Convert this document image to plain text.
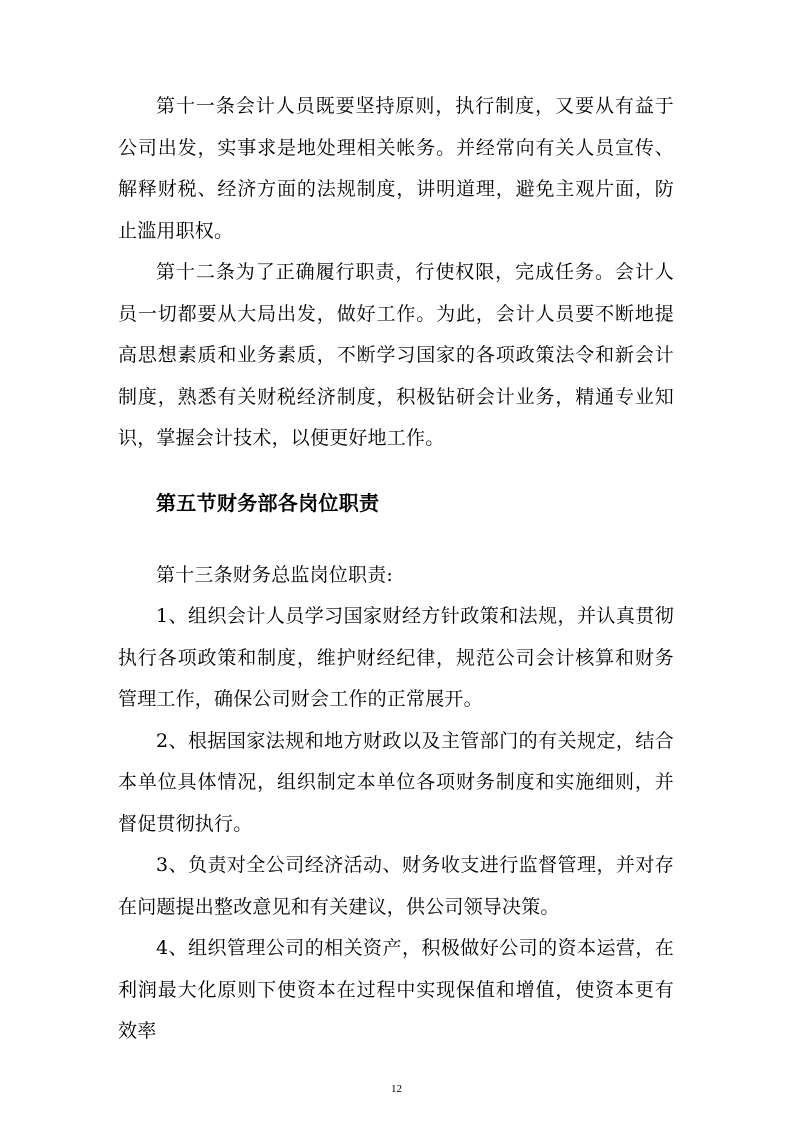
第十一条会计人员既要坚持原则，执行制度，又要从有益于公司出发，实事求是地处理相关帐务。并经常向有关人员宣传、解释财税、经济方面的法规制度，讲明道理，避免主观片面，防止滥用职权。

第十二条为了正确履行职责，行使权限，完成任务。会计人员一切都要从大局出发，做好工作。为此，会计人员要不断地提高思想素质和业务素质，不断学习国家的各项政策法令和新会计制度，熟悉有关财税经济制度，积极钻研会计业务，精通专业知识，掌握会计技术，以便更好地工作。

第五节财务部各岗位职责

第十三条财务总监岗位职责:

1、组织会计人员学习国家财经方针政策和法规，并认真贯彻执行各项政策和制度，维护财经纪律，规范公司会计核算和财务管理工作，确保公司财会工作的正常展开。

2、根据国家法规和地方财政以及主管部门的有关规定，结合本单位具体情况，组织制定本单位各项财务制度和实施细则，并督促贯彻执行。

3、负责对全公司经济活动、财务收支进行监督管理，并对存在问题提出整改意见和有关建议，供公司领导决策。

4、组织管理公司的相关资产，积极做好公司的资本运营，在利润最大化原则下使资本在过程中实现保值和增值，使资本更有效率

12
